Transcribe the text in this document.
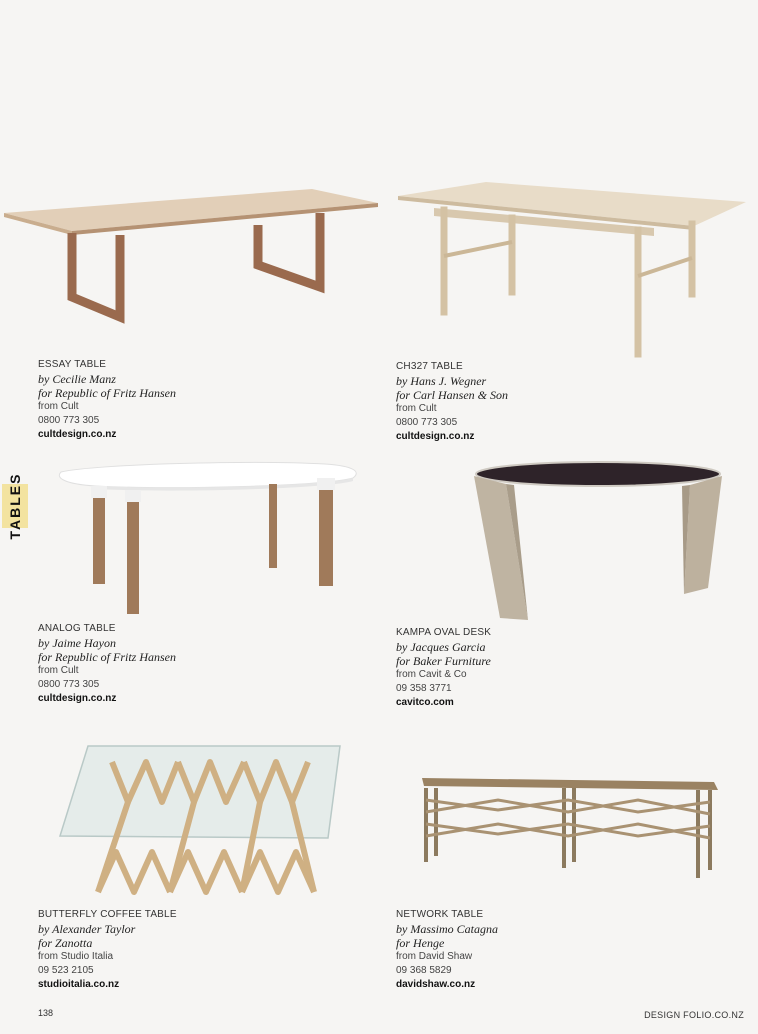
ESSAY TABLE
by Cecilie Manz
for Republic of Fritz Hansen
from Cult
0800 773 305
cultdesign.co.nz
CH327 TABLE
by Hans J. Wegner
for Carl Hansen & Son
from Cult
0800 773 305
cultdesign.co.nz
ANALOG TABLE
by Jaime Hayon
for Republic of Fritz Hansen
from Cult
0800 773 305
cultdesign.co.nz
KAMPA OVAL DESK
by Jacques Garcia
for Baker Furniture
from Cavit & Co
09 358 3771
cavitco.com
BUTTERFLY COFFEE TABLE
by Alexander Taylor
for Zanotta
from Studio Italia
09 523 2105
studioitalia.co.nz
NETWORK TABLE
by Massimo Catagna
for Henge
from David Shaw
09 368 5829
davidshaw.co.nz
TABLES
138	DESIGN FOLIO.CO.NZ
